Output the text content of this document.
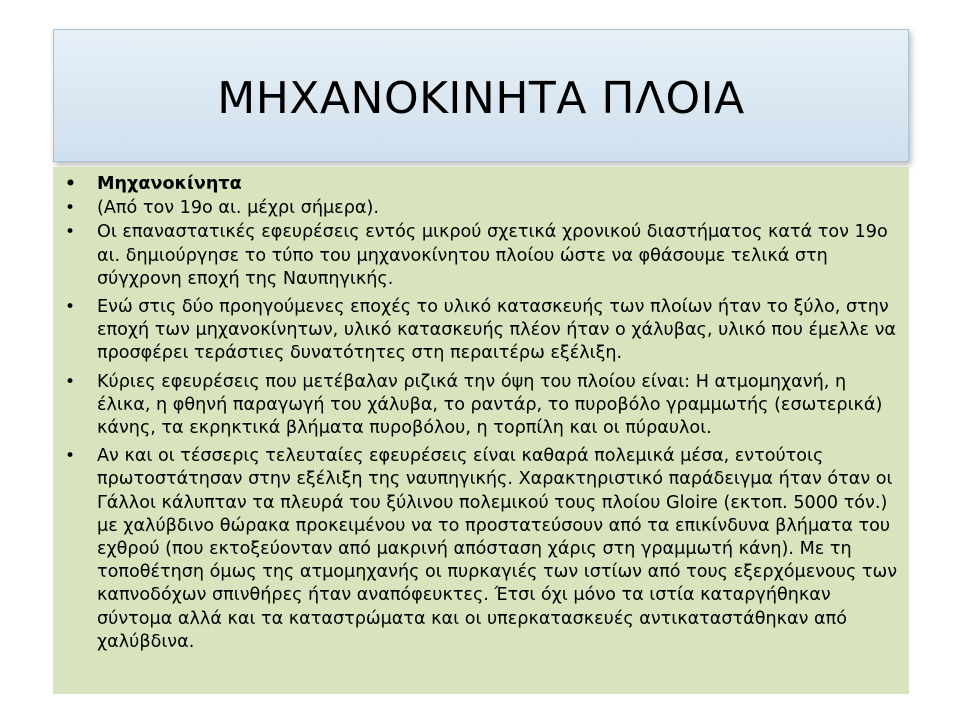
ΜΗΧΑΝΟΚΙΝΗΤΑ ΠΛΟΙΑ
• Μηχανοκίνητα
• (Από τον 19ο αι. μέχρι σήμερα).
• Οι επαναστατικές εφευρέσεις εντός μικρού σχετικά χρονικού διαστήματος κατά τον 19ο αι. δημιούργησε το τύπο του μηχανοκίνητου πλοίου ώστε να φθάσουμε τελικά στη σύγχρονη εποχή της Ναυπηγικής.
• Ενώ στις δύο προηγούμενες εποχές το υλικό κατασκευής των πλοίων ήταν το ξύλο, στην εποχή των μηχανοκίνητων, υλικό κατασκευής πλέον ήταν ο χάλυβας, υλικό που έμελλε να προσφέρει τεράστιες δυνατότητες στη περαιτέρω εξέλιξη.
• Κύριες εφευρέσεις που μετέβαλαν ριζικά την όψη του πλοίου είναι: Η ατμομηχανή, η έλικα, η φθηνή παραγωγή του χάλυβα, το ραντάρ, το πυροβόλο γραμμωτής (εσωτερικά) κάνης, τα εκρηκτικά βλήματα πυροβόλου, η τορπίλη και οι πύραυλοι.
• Αν και οι τέσσερις τελευταίες εφευρέσεις είναι καθαρά πολεμικά μέσα, εντούτοις πρωτοστάτησαν στην εξέλιξη της ναυπηγικής. Χαρακτηριστικό παράδειγμα ήταν όταν οι Γάλλοι κάλυπταν τα πλευρά του ξύλινου πολεμικού τους πλοίου Gloire (εκτοπ. 5000 τόν.) με χαλύβδινο θώρακα προκειμένου να το προστατεύσουν από τα επικίνδυνα βλήματα του εχθρού (που εκτοξεύονταν από μακρινή απόσταση χάρις στη γραμμωτή κάνη). Με τη τοποθέτηση όμως της ατμομηχανής οι πυρκαγιές των ιστίων από τους εξερχόμενους των καπνοδόχων σπινθήρες ήταν αναπόφευκτες. Έτσι όχι μόνο τα ιστία καταργήθηκαν σύντομα αλλά και τα καταστρώματα και οι υπερκατασκευές αντικαταστάθηκαν από χαλύβδινα.
